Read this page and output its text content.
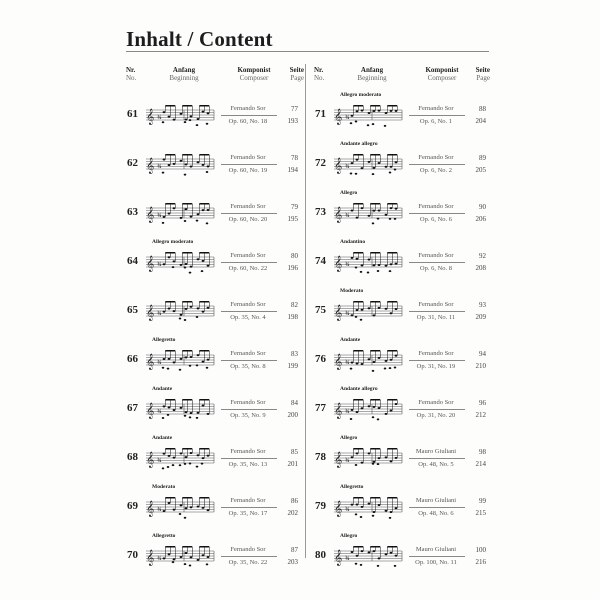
Inhalt / Content
Nr.
No.
Anfang
Beginning
Komponist
Composer
Seite
Page
61 𝄞 ¾
Fernando Sor
Op. 60, No. 18
77
193
62 𝄞 ¾
Fernando Sor
Op. 60, No. 19
78
194
63 𝄞 ¾
Fernando Sor
Op. 60, No. 20
79
195
64
Allegro moderato
𝄞 ¾
Fernando Sor
Op. 60, No. 22
80
196
65 𝄞 ¾
Fernando Sor
Op. 35, No. 4
82
198
66
Allegretto
𝄞 ¾
Fernando Sor
Op. 35, No. 8
83
199
67
Andante
𝄞 ¾
Fernando Sor
Op. 35, No. 9
84
200
68
Andante
𝄞 ¾
Fernando Sor
Op. 35, No. 13
85
201
69
Moderato
𝄞 ¾
Fernando Sor
Op. 35, No. 17
86
202
70
Allegretto
𝄞 ¾
Fernando Sor
Op. 35, No. 22
87
203
Nr.
No.
Anfang
Beginning
Komponist
Composer
Seite
Page
71
Allegro moderato
𝄞 ¾
Fernando Sor
Op. 6, No. 1
88
204
72
Andante allegro
𝄞 ¾
Fernando Sor
Op. 6, No. 2
89
205
73
Allegro
𝄞 ¾
Fernando Sor
Op. 6, No. 6
90
206
74
Andantino
𝄞 ¾
Fernando Sor
Op. 6, No. 8
92
208
75
Moderato
𝄞 ¾
Fernando Sor
Op. 31, No. 11
93
209
76
Andante
𝄞 ¾
Fernando Sor
Op. 31, No. 19
94
210
77
Andante allegro
𝄞 ¾
Fernando Sor
Op. 31, No. 20
96
212
78
Allegro
𝄞 ¾
Mauro Giuliani
Op. 48, No. 5
98
214
79
Allegretto
𝄞 ¾
Mauro Giuliani
Op. 48, No. 6
99
215
80
Allegro
𝄞 ¾
Mauro Giuliani
Op. 100, No. 11
100
216
